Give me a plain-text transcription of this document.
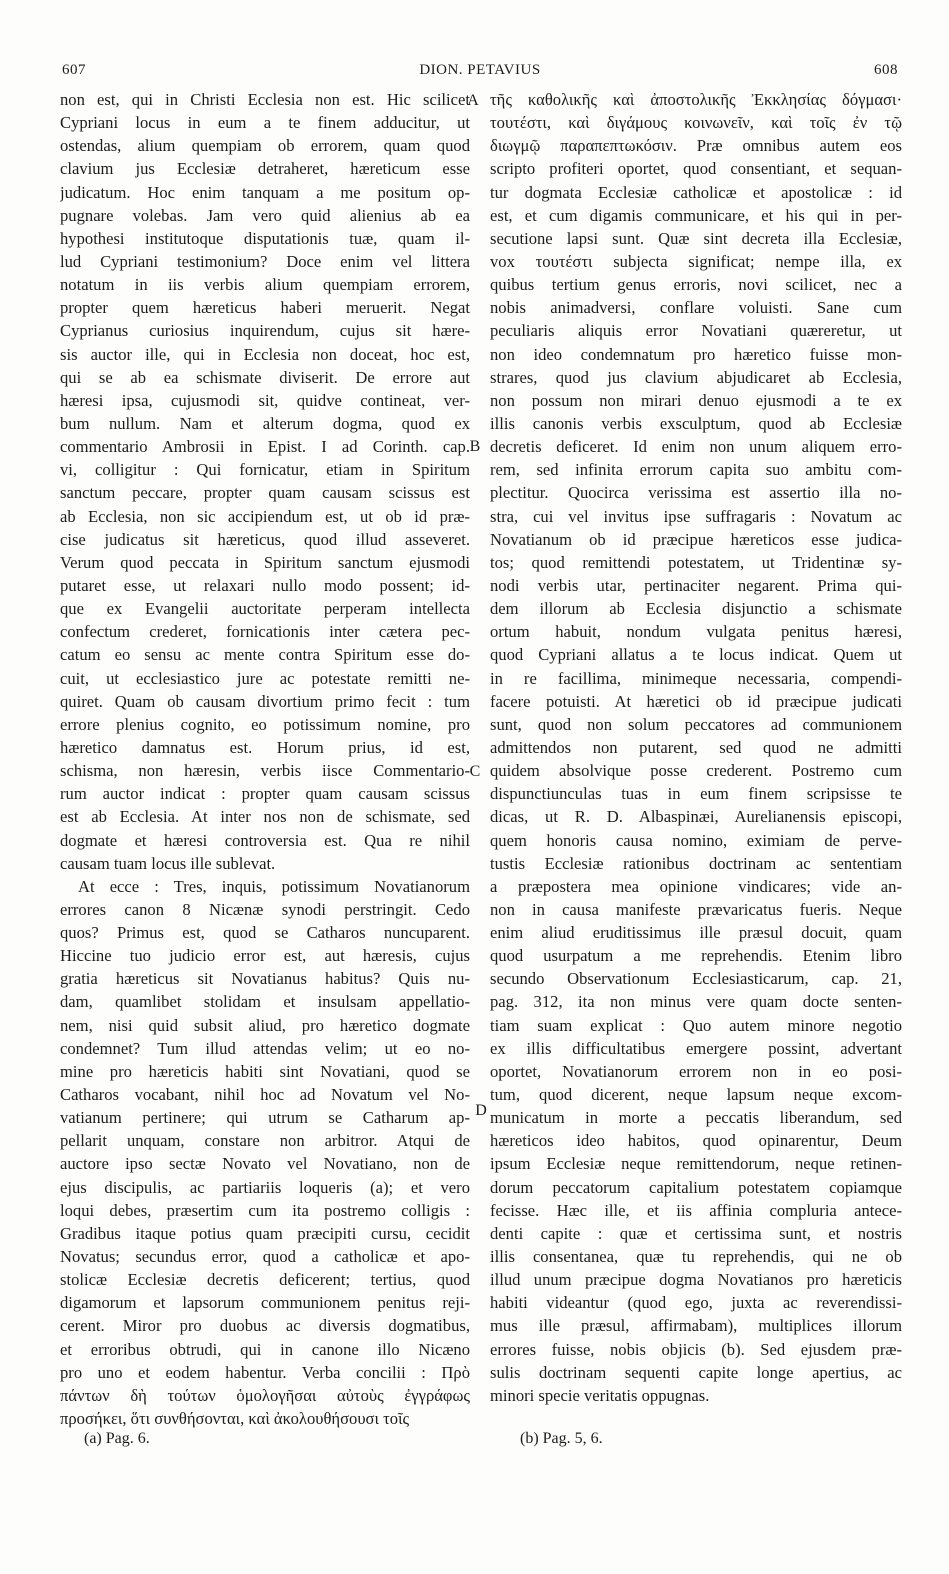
607	DION. PETAVIUS	608
non est, qui in Christi Ecclesia non est. Hic scilicet
Cypriani locus in eum a te finem adducitur, ut
ostendas, alium quempiam ob errorem, quam quod
clavium jus Ecclesiæ detraheret, hæreticum esse
judicatum. Hoc enim tanquam a me positum op-
pugnare volebas. Jam vero quid alienius ab ea
hypothesi institutoque disputationis tuæ, quam il-
lud Cypriani testimonium? Doce enim vel littera
notatum in iis verbis alium quempiam errorem,
propter quem hæreticus haberi meruerit. Negat
Cyprianus curiosius inquirendum, cujus sit hære-
sis auctor ille, qui in Ecclesia non doceat, hoc est,
qui se ab ea schismate diviserit. De errore aut
hæresi ipsa, cujusmodi sit, quidve contineat, ver-
bum nullum. Nam et alterum dogma, quod ex
commentario Ambrosii in Epist. I ad Corinth. cap.
vi, colligitur : Qui fornicatur, etiam in Spiritum
sanctum peccare, propter quam causam scissus est
ab Ecclesia, non sic accipiendum est, ut ob id præ-
cise judicatus sit hæreticus, quod illud asseveret.
Verum quod peccata in Spiritum sanctum ejusmodi
putaret esse, ut relaxari nullo modo possent; id-
que ex Evangelii auctoritate perperam intellecta
confectum crederet, fornicationis inter cætera pec-
catum eo sensu ac mente contra Spiritum esse do-
cuit, ut ecclesiastico jure ac potestate remitti ne-
quiret. Quam ob causam divortium primo fecit : tum
errore plenius cognito, eo potissimum nomine, pro
hæretico damnatus est. Horum prius, id est,
schisma, non hæresin, verbis iisce Commentario-
rum auctor indicat : propter quam causam scissus
est ab Ecclesia. At inter nos non de schismate, sed
dogmate et hæresi controversia est. Qua re nihil
causam tuam locus ille sublevat.
At ecce : Tres, inquis, potissimum Novatianorum
errores canon 8 Nicænæ synodi perstringit. Cedo
quos? Primus est, quod se Catharos nuncuparent.
Hiccine tuo judicio error est, aut hæresis, cujus
gratia hæreticus sit Novatianus habitus? Quis nu-
dam, quamlibet stolidam et insulsam appellatio-
nem, nisi quid subsit aliud, pro hæretico dogmate
condemnet? Tum illud attendas velim; ut eo no-
mine pro hæreticis habiti sint Novatiani, quod se
Catharos vocabant, nihil hoc ad Novatum vel No-
vatianum pertinere; qui utrum se Catharum ap-
pellarit unquam, constare non arbitror. Atqui de
auctore ipso sectæ Novato vel Novatiano, non de
ejus discipulis, ac partiariis loqueris (a); et vero
loqui debes, præsertim cum ita postremo colligis :
Gradibus itaque potius quam præcipiti cursu, cecidit
Novatus; secundus error, quod a catholicæ et apo-
stolicæ Ecclesiæ decretis deficerent; tertius, quod
digamorum et lapsorum communionem penitus reji-
cerent. Miror pro duobus ac diversis dogmatibus,
et erroribus obtrudi, qui in canone illo Nicæno
pro uno et eodem habentur. Verba concilii : Πρὸ
πάντων δὴ τούτων ὁμολογῆσαι αὐτοὺς ἐγγράφως
προσήκει, ὅτι συνθήσονται, καὶ ἀκολουθήσουσι τοῖς
τῆς καθολικῆς καὶ ἀποστολικῆς Ἐκκλησίας δόγμασι·
τουτέστι, καὶ διγάμους κοινωνεῖν, καὶ τοῖς ἐν τῷ
διωγμῷ παραπεπτωκόσιν. Præ omnibus autem eos
scripto profiteri oportet, quod consentiant, et sequan-
tur dogmata Ecclesiæ catholicæ et apostolicæ : id
est, et cum digamis communicare, et his qui in per-
secutione lapsi sunt. Quæ sint decreta illa Ecclesiæ,
vox τουτέστι subjecta significat; nempe illa, ex
quibus tertium genus erroris, novi scilicet, nec a
nobis animadversi, conflare voluisti. Sane cum
peculiaris aliquis error Novatiani quæreretur, ut
non ideo condemnatum pro hæretico fuisse mon-
strares, quod jus clavium abjudicaret ab Ecclesia,
non possum non mirari denuo ejusmodi a te ex
illis canonis verbis exsculptum, quod ab Ecclesiæ
decretis deficeret. Id enim non unum aliquem erro-
rem, sed infinita errorum capita suo ambitu com-
plectitur. Quocirca verissima est assertio illa no-
stra, cui vel invitus ipse suffragaris : Novatum ac
Novatianum ob id præcipue hæreticos esse judica-
tos; quod remittendi potestatem, ut Tridentinæ sy-
nodi verbis utar, pertinaciter negarent. Prima qui-
dem illorum ab Ecclesia disjunctio a schismate
ortum habuit, nondum vulgata penitus hæresi,
quod Cypriani allatus a te locus indicat. Quem ut
in re facillima, minimeque necessaria, compendi-
facere potuisti. At hæretici ob id præcipue judicati
sunt, quod non solum peccatores ad communionem
admittendos non putarent, sed quod ne admitti
quidem absolvique posse crederent. Postremo cum
dispunctiunculas tuas in eum finem scripsisse te
dicas, ut R. D. Albaspinæi, Aurelianensis episcopi,
quem honoris causa nomino, eximiam de perve-
tustis Ecclesiæ rationibus doctrinam ac sententiam
a præpostera mea opinione vindicares; vide an-
non in causa manifeste prævaricatus fueris. Neque
enim aliud eruditissimus ille præsul docuit, quam
quod usurpatum a me reprehendis. Etenim libro
secundo Observationum Ecclesiasticarum, cap. 21,
pag. 312, ita non minus vere quam docte senten-
tiam suam explicat : Quo autem minore negotio
ex illis difficultatibus emergere possint, advertant
oportet, Novatianorum errorem non in eo posi-
tum, quod dicerent, neque lapsum neque excom-
municatum in morte a peccatis liberandum, sed
hæreticos ideo habitos, quod opinarentur, Deum
ipsum Ecclesiæ neque remittendorum, neque retinen-
dorum peccatorum capitalium potestatem copiamque
fecisse. Hæc ille, et iis affinia compluria antece-
denti capite : quæ et certissima sunt, et nostris
illis consentanea, quæ tu reprehendis, qui ne ob
illud unum præcipue dogma Novatianos pro hæreticis
habiti videantur (quod ego, juxta ac reverendissi-
mus ille præsul, affirmabam), multiplices illorum
errores fuisse, nobis objicis (b). Sed ejusdem præ-
sulis doctrinam sequenti capite longe apertius, ac
minori specie veritatis oppugnas.
A
B
C
D
(a) Pag. 6.	(b) Pag. 5, 6.
